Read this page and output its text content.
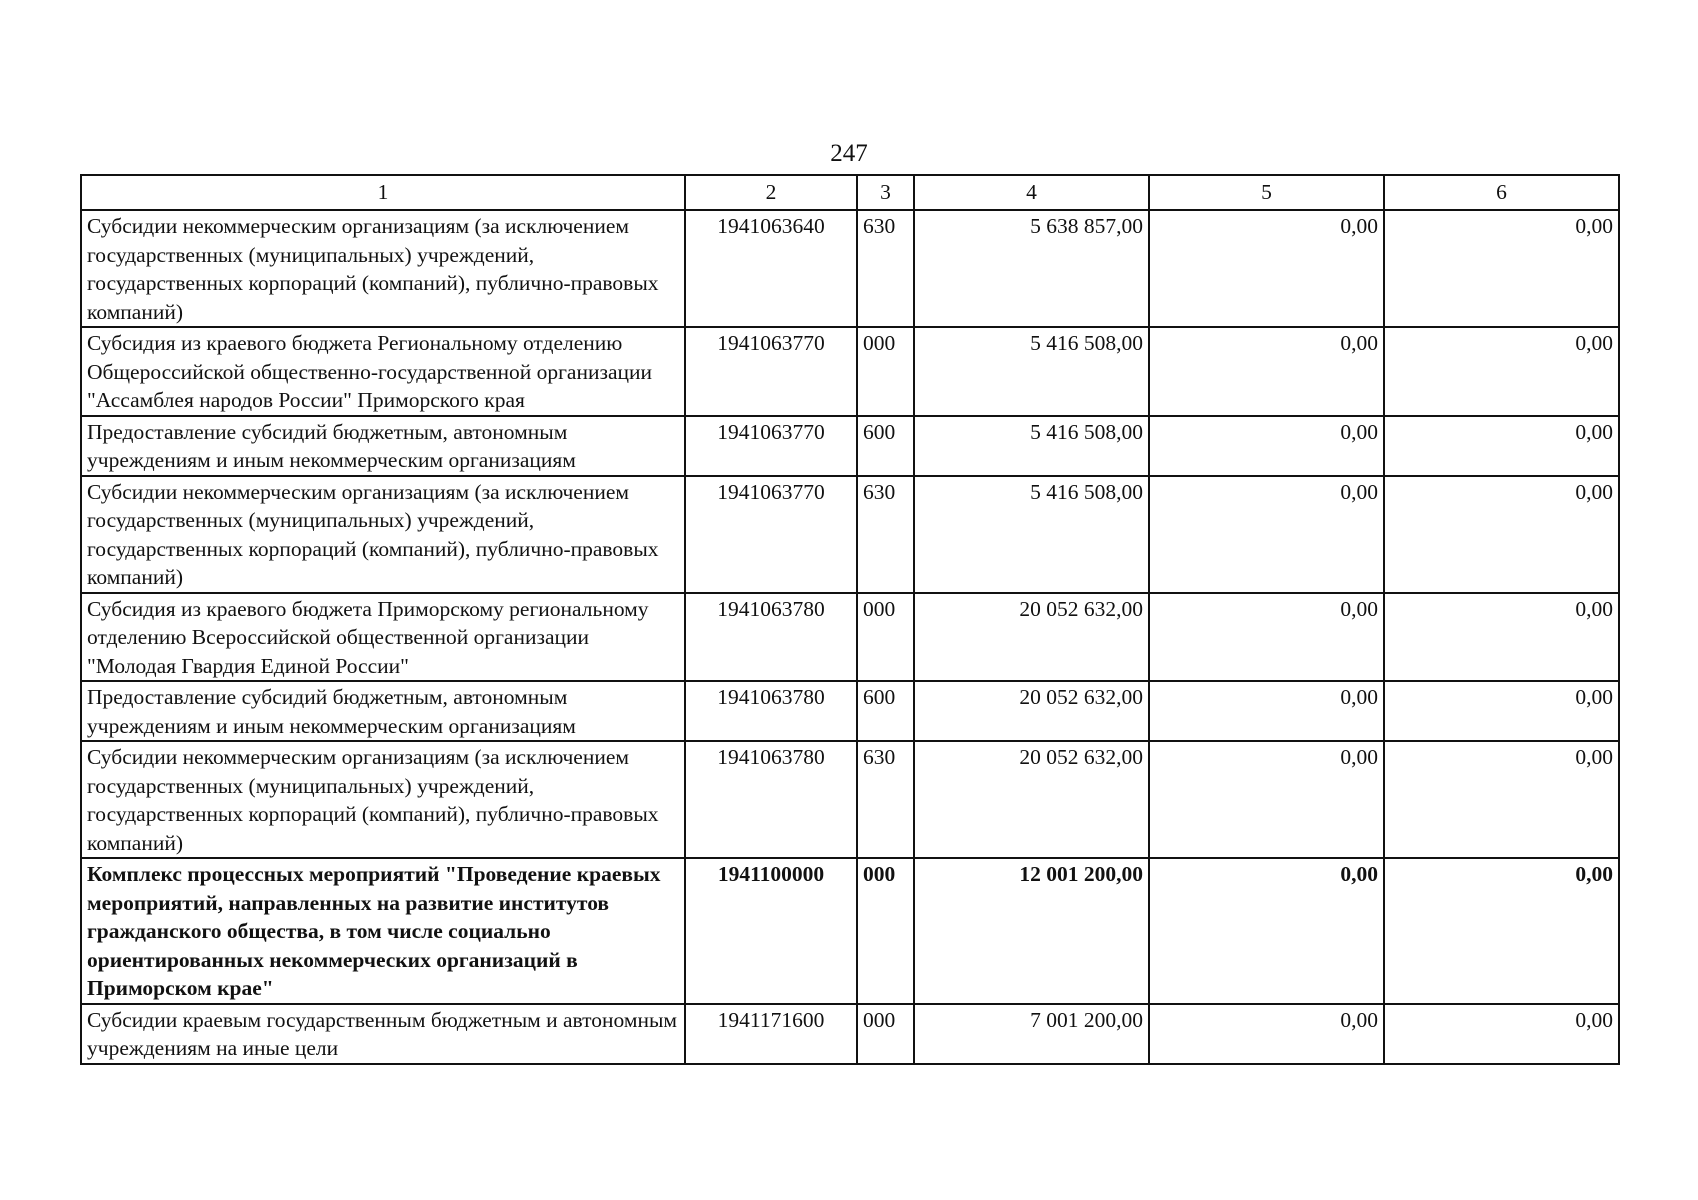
247
1	2	3	4	5	6
Субсидии некоммерческим организациям (за исключением государственных (муниципальных) учреждений, государственных корпораций (компаний), публично-правовых компаний)	1941063640	630	5 638 857,00	0,00	0,00
Субсидия из краевого бюджета Региональному отделению Общероссийской общественно-государственной организации "Ассамблея народов России" Приморского края	1941063770	000	5 416 508,00	0,00	0,00
Предоставление субсидий бюджетным, автономным учреждениям и иным некоммерческим организациям	1941063770	600	5 416 508,00	0,00	0,00
Субсидии некоммерческим организациям (за исключением государственных (муниципальных) учреждений, государственных корпораций (компаний), публично-правовых компаний)	1941063770	630	5 416 508,00	0,00	0,00
Субсидия из краевого бюджета Приморскому региональному отделению Всероссийской общественной организации "Молодая Гвардия Единой России"	1941063780	000	20 052 632,00	0,00	0,00
Предоставление субсидий бюджетным, автономным учреждениям и иным некоммерческим организациям	1941063780	600	20 052 632,00	0,00	0,00
Субсидии некоммерческим организациям (за исключением государственных (муниципальных) учреждений, государственных корпораций (компаний), публично-правовых компаний)	1941063780	630	20 052 632,00	0,00	0,00
Комплекс процессных мероприятий "Проведение краевых мероприятий, направленных на развитие институтов гражданского общества, в том числе социально ориентированных некоммерческих организаций в Приморском крае"	1941100000	000	12 001 200,00	0,00	0,00
Субсидии краевым государственным бюджетным и автономным учреждениям на иные цели	1941171600	000	7 001 200,00	0,00	0,00
